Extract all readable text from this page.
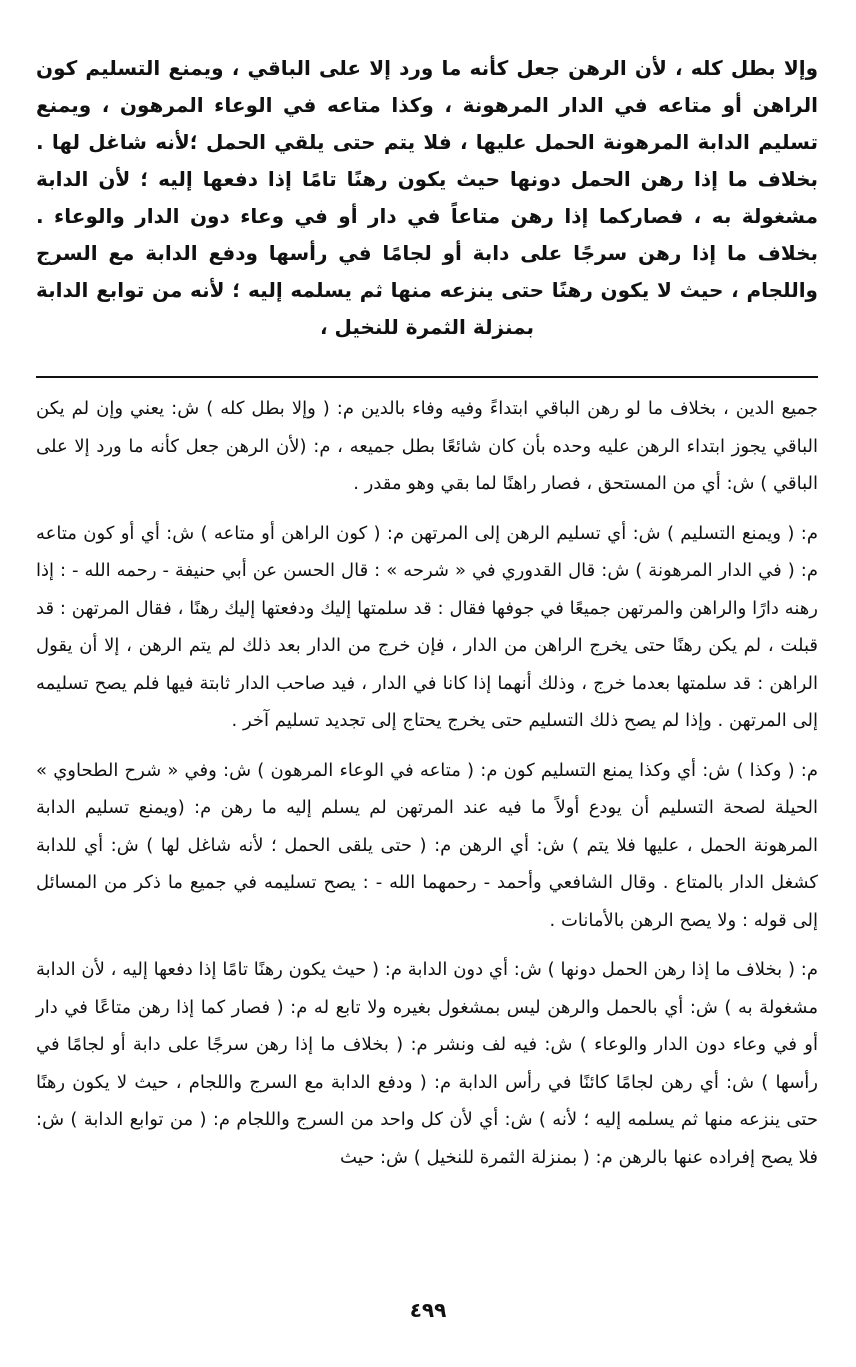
وإلا بطل كله ، لأن الرهن جعل كأنه ما ورد إلا على الباقي ، ويمنع التسليم كون الراهن أو متاعه في الدار المرهونة ، وكذا متاعه في الوعاء المرهون ، ويمنع تسليم الدابة المرهونة الحمل عليها ، فلا يتم حتى يلقي الحمل ؛لأنه شاغل لها . بخلاف ما إذا رهن الحمل دونها حيث يكون رهنًا تامًا إذا دفعها إليه ؛ لأن الدابة مشغولة به ، فصاركما إذا رهن متاعاً في دار أو في وعاء دون الدار والوعاء . بخلاف ما إذا رهن سرجًا على دابة أو لجامًا في رأسها ودفع الدابة مع السرج واللجام ، حيث لا يكون رهنًا حتى ينزعه منها ثم يسلمه إليه ؛ لأنه من توابع الدابة بمنزلة الثمرة للنخيل ،

جميع الدين ، بخلاف ما لو رهن الباقي ابتداءً وفيه وفاء بالدين م: ( وإلا بطل كله ) ش: يعني وإن لم يكن الباقي يجوز ابتداء الرهن عليه وحده بأن كان شائعًا بطل جميعه ، م: (لأن الرهن جعل كأنه ما ورد إلا على الباقي ) ش: أي من المستحق ، فصار راهنًا لما بقي وهو مقدر .

م: ( ويمنع التسليم ) ش: أي تسليم الرهن إلى المرتهن م: ( كون الراهن أو متاعه ) ش: أي أو كون متاعه م: ( في الدار المرهونة ) ش: قال القدوري في « شرحه » : قال الحسن عن أبي حنيفة - رحمه الله - : إذا رهنه دارًا والراهن والمرتهن جميعًا في جوفها فقال : قد سلمتها إليك ودفعتها إليك رهنًا ، فقال المرتهن : قد قبلت ، لم يكن رهنًا حتى يخرج الراهن من الدار ، فإن خرج من الدار بعد ذلك لم يتم الرهن ، إلا أن يقول الراهن : قد سلمتها بعدما خرج ، وذلك أنهما إذا كانا في الدار ، فيد صاحب الدار ثابتة فيها فلم يصح تسليمه إلى المرتهن . وإذا لم يصح ذلك التسليم حتى يخرج يحتاج إلى تجديد تسليم آخر .

م: ( وكذا ) ش: أي وكذا يمنع التسليم كون م: ( متاعه في الوعاء المرهون ) ش: وفي « شرح الطحاوي » الحيلة لصحة التسليم أن يودع أولاً ما فيه عند المرتهن لم يسلم إليه ما رهن م: (ويمنع تسليم الدابة المرهونة الحمل ، عليها فلا يتم ) ش: أي الرهن م: ( حتى يلقى الحمل ؛ لأنه شاغل لها ) ش: أي للدابة كشغل الدار بالمتاع . وقال الشافعي وأحمد - رحمهما الله - : يصح تسليمه في جميع ما ذكر من المسائل إلى قوله : ولا يصح الرهن بالأمانات .

م: ( بخلاف ما إذا رهن الحمل دونها ) ش: أي دون الدابة م: ( حيث يكون رهنًا تامًا إذا دفعها إليه ، لأن الدابة مشغولة به ) ش: أي بالحمل والرهن ليس بمشغول بغيره ولا تابع له م: ( فصار كما إذا رهن متاعًا في دار أو في وعاء دون الدار والوعاء ) ش: فيه لف ونشر م: ( بخلاف ما إذا رهن سرجًا على دابة أو لجامًا في رأسها ) ش: أي رهن لجامًا كائنًا في رأس الدابة م: ( ودفع الدابة مع السرج واللجام ، حيث لا يكون رهنًا حتى ينزعه منها ثم يسلمه إليه ؛ لأنه ) ش: أي لأن كل واحد من السرج واللجام م: ( من توابع الدابة ) ش: فلا يصح إفراده عنها بالرهن م: ( بمنزلة الثمرة للنخيل ) ش: حيث

٤٩٩
